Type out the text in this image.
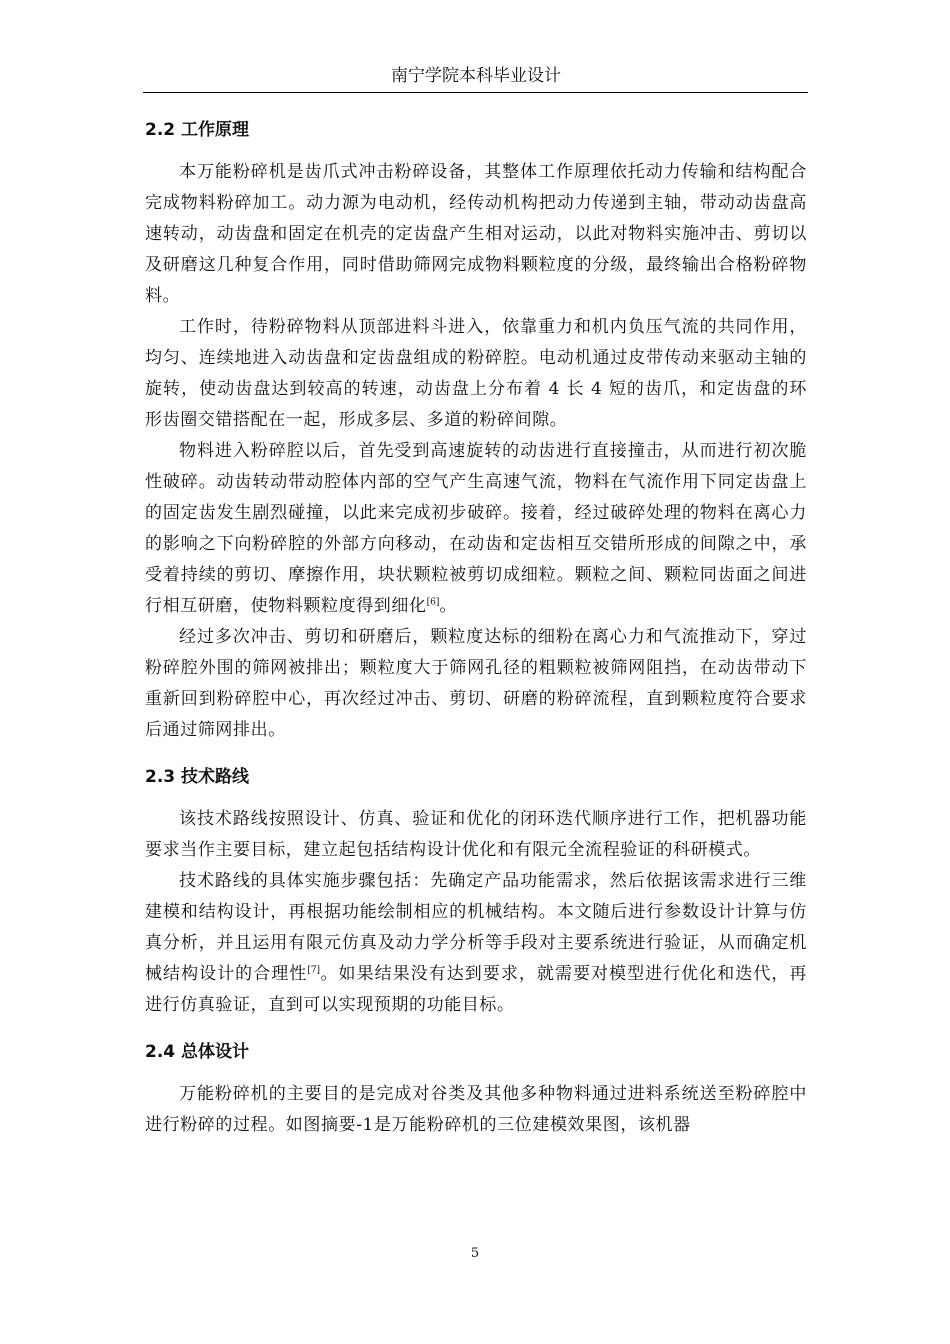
南宁学院本科毕业设计
2.2 工作原理

本万能粉碎机是齿爪式冲击粉碎设备，其整体工作原理依托动力传输和结构配合完成物料粉碎加工。动力源为电动机，经传动机构把动力传递到主轴，带动动齿盘高速转动，动齿盘和固定在机壳的定齿盘产生相对运动，以此对物料实施冲击、剪切以及研磨这几种复合作用，同时借助筛网完成物料颗粒度的分级，最终输出合格粉碎物料。

工作时，待粉碎物料从顶部进料斗进入，依靠重力和机内负压气流的共同作用，均匀、连续地进入动齿盘和定齿盘组成的粉碎腔。电动机通过皮带传动来驱动主轴的旋转，使动齿盘达到较高的转速，动齿盘上分布着 4 长 4 短的齿爪，和定齿盘的环形齿圈交错搭配在一起，形成多层、多道的粉碎间隙。

物料进入粉碎腔以后，首先受到高速旋转的动齿进行直接撞击，从而进行初次脆性破碎。动齿转动带动腔体内部的空气产生高速气流，物料在气流作用下同定齿盘上的固定齿发生剧烈碰撞，以此来完成初步破碎。接着，经过破碎处理的物料在离心力的影响之下向粉碎腔的外部方向移动，在动齿和定齿相互交错所形成的间隙之中，承受着持续的剪切、摩擦作用，块状颗粒被剪切成细粒。颗粒之间、颗粒同齿面之间进行相互研磨，使物料颗粒度得到细化[6]。

经过多次冲击、剪切和研磨后，颗粒度达标的细粉在离心力和气流推动下，穿过粉碎腔外围的筛网被排出；颗粒度大于筛网孔径的粗颗粒被筛网阻挡，在动齿带动下重新回到粉碎腔中心，再次经过冲击、剪切、研磨的粉碎流程，直到颗粒度符合要求后通过筛网排出。

2.3 技术路线

该技术路线按照设计、仿真、验证和优化的闭环迭代顺序进行工作，把机器功能要求当作主要目标，建立起包括结构设计优化和有限元全流程验证的科研模式。

技术路线的具体实施步骤包括：先确定产品功能需求，然后依据该需求进行三维建模和结构设计，再根据功能绘制相应的机械结构。本文随后进行参数设计计算与仿真分析，并且运用有限元仿真及动力学分析等手段对主要系统进行验证，从而确定机械结构设计的合理性[7]。如果结果没有达到要求，就需要对模型进行优化和迭代，再进行仿真验证，直到可以实现预期的功能目标。

2.4 总体设计

万能粉碎机的主要目的是完成对谷类及其他多种物料通过进料系统送至粉碎腔中进行粉碎的过程。如图摘要-1是万能粉碎机的三位建模效果图，该机器

5
